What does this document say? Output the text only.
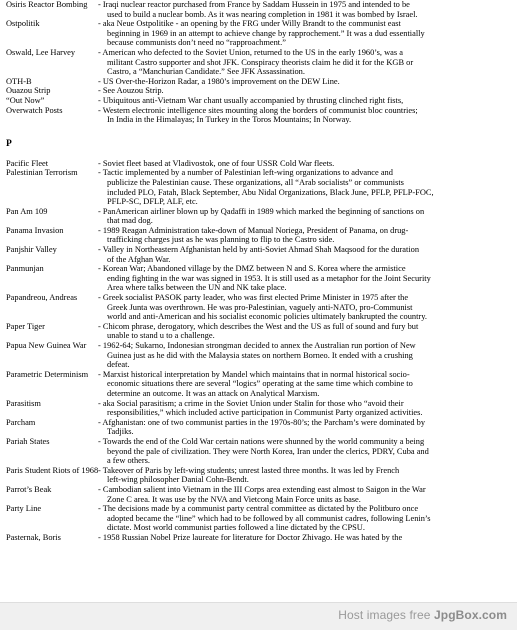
Osiris Reactor Bombing	- Iraqi nuclear reactor purchased from France by Saddam Hussein in 1975 and intended to be
used to build a nuclear bomb. As it was nearing completion in 1981 it was bombed by Israel.
Ostpolitik	- aka Neue Ostpolitike - an opening by the FRG under Willy Brandt to the communist east
beginning in 1969 in an attempt to achieve change by rapprochement.” It was a dud essentially
because communists don’t need no “rapproachment.”
Oswald, Lee Harvey	- American who defected to the Soviet Union, returned to the US in the early 1960’s, was a
militant Castro supporter and shot JFK. Conspiracy theorists claim he did it for the KGB or
Castro, a “Manchurian Candidate.” See JFK Assassination.
OTH-B	- US Over-the-Horizon Radar, a 1980’s improvement on the DEW Line.
Ouazou Strip	- See Aouzou Strip.
“Out Now”	- Ubiquitous anti-Vietnam War chant usually accompanied by thrusting clinched right fists,
Overwatch Posts	- Western electronic intelligence sites mounting along the borders of communist bloc countries;
In India in the Himalayas; In Turkey in the Toros Mountains; In Norway.
P
Pacific Fleet	- Soviet fleet based at Vladivostok, one of four USSR Cold War fleets.
Palestinian Terrorism	- Tactic implemented by a number of Palestinian left-wing organizations to advance and
publicize the Palestinian cause. These organizations, all “Arab socialists” or communists
included PLO, Fatah, Black September, Abu Nidal Organizations, Black June, PFLP, PFLP-FOC,
PFLP-SC, DFLP, ALF, etc.
Pan Am 109	- PanAmerican airliner blown up by Qadaffi in 1989 which marked the beginning of sanctions on
that mad dog.
Panama Invasion	- 1989 Reagan Administration take-down of Manual Noriega, President of Panama, on drug-
trafficking charges just as he was planning to flip to the Castro side.
Panjshir Valley	- Valley in Northeastern Afghanistan held by anti-Soviet Ahmad Shah Maqsood for the duration
of the Afghan War.
Panmunjan	- Korean War; Abandoned village by the DMZ between N and S. Korea where the armistice
ending fighting in the war was signed in 1953. It is still used as a metaphor for the Joint Security
Area where talks between the UN and NK take place.
Papandreou, Andreas	- Greek socialist PASOK party leader, who was first elected Prime Minister in 1975 after the
Greek Junta was overthrown. He was pro-Palestinian, vaguely anti-NATO, pro-Communist
world and anti-American and his socialist economic policies ultimately bankrupted the country.
Paper Tiger	- Chicom phrase, derogatory, which describes the West and the US as full of sound and fury but
unable to stand u to a challenge.
Papua New Guinea War	- 1962-64; Sukarno, Indonesian strongman decided to annex the Australian run portion of New
Guinea just as he did with the Malaysia states on northern Borneo. It ended with a crushing
defeat.
Parametric Determinism	- Marxist historical interpretation by Mandel which maintains that in normal historical socio-
economic situations there are several “logics” operating at the same time which combine to
determine an outcome. It was an attack on Analytical Marxism.
Parasitism	- aka Social parasitism; a crime in the Soviet Union under Stalin for those who “avoid their
responsibilities,” which included active participation in Communist Party organized activities.
Parcham	- Afghanistan: one of two communist parties in the 1970s-80’s; the Parcham’s were dominated by
Tadjiks.
Pariah States	- Towards the end of the Cold War certain nations were shunned by the world community a being
beyond the pale of civilization. They were North Korea, Iran under the clerics, PDRY, Cuba and
a few others.
Paris Student Riots of 1968 - Takeover of Paris by left-wing students; unrest lasted three months. It was led by French
left-wing philosopher Danial Cohn-Bendt.
Parrot’s Beak	- Cambodian salient into Vietnam in the III Corps area extending east almost to Saigon in the War
Zone C area. It was use by the NVA and Vietcong Main Force units as base.
Party Line	- The decisions made by a communist party central committee as dictated by the Politburo once
adopted became the “line” which had to be followed by all communist cadres, following Lenin’s
dictate. Most world communist parties followed a line dictated by the CPSU.
Pasternak, Boris	- 1958 Russian Nobel Prize laureate for literature for Doctor Zhivago. He was hated by the
Host images free JpgBox.com
